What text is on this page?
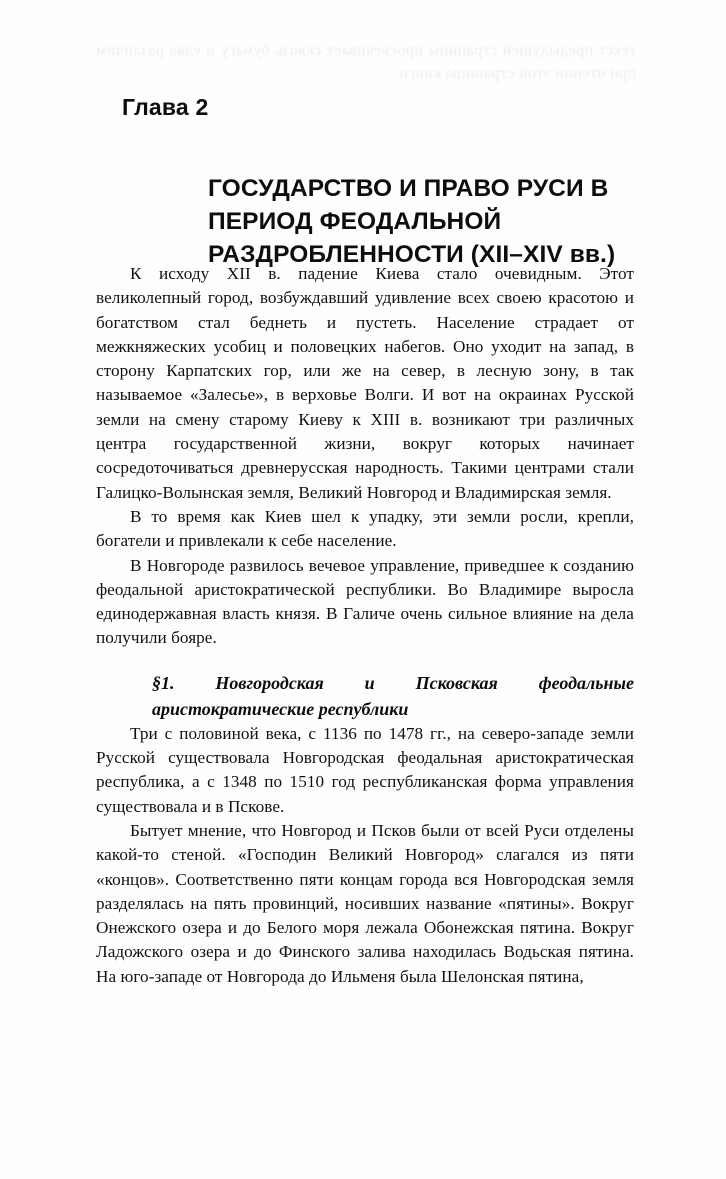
текст предыдущей страницы просвечивает сквозь бумагу и едва различим при чтении этой страницы книги
Глава 2
ГОСУДАРСТВО И ПРАВО РУСИ В ПЕРИОД ФЕОДАЛЬНОЙ РАЗДРОБЛЕННОСТИ (XII–XIV вв.)

К исходу XII в. падение Киева стало очевидным. Этот великолепный город, возбуждавший удивление всех своею красотою и богатством стал беднеть и пустеть. Население страдает от межкняжеских усобиц и половецких набегов. Оно уходит на запад, в сторону Карпатских гор, или же на север, в лесную зону, в так называемое «Залесье», в верховье Волги. И вот на окраинах Русской земли на смену старому Киеву к XIII в. возникают три различных центра государственной жизни, вокруг которых начинает сосредоточиваться древнерусская народность. Такими центрами стали Галицко-Волынская земля, Великий Новгород и Владимирская земля.

В то время как Киев шел к упадку, эти земли росли, крепли, богатели и привлекали к себе население.

В Новгороде развилось вечевое управление, приведшее к созданию феодальной аристократической республики. Во Владимире выросла единодержавная власть князя. В Галиче очень сильное влияние на дела получили бояре.

§1. Новгородская и Псковская феодальные аристократические республики

Три с половиной века, с 1136 по 1478 гг., на северо-западе земли Русской существовала Новгородская феодальная аристократическая республика, а с 1348 по 1510 год республиканская форма управления существовала и в Пскове.

Бытует мнение, что Новгород и Псков были от всей Руси отделены какой-то стеной. «Господин Великий Новгород» слагался из пяти «концов». Соответственно пяти концам города вся Новгородская земля разделялась на пять провинций, носивших название «пятины». Вокруг Онежского озера и до Белого моря лежала Обонежская пятина. Вокруг Ладожского озера и до Финского залива находилась Водьская пятина. На юго-западе от Новгорода до Ильменя была Шелонская пятина,
